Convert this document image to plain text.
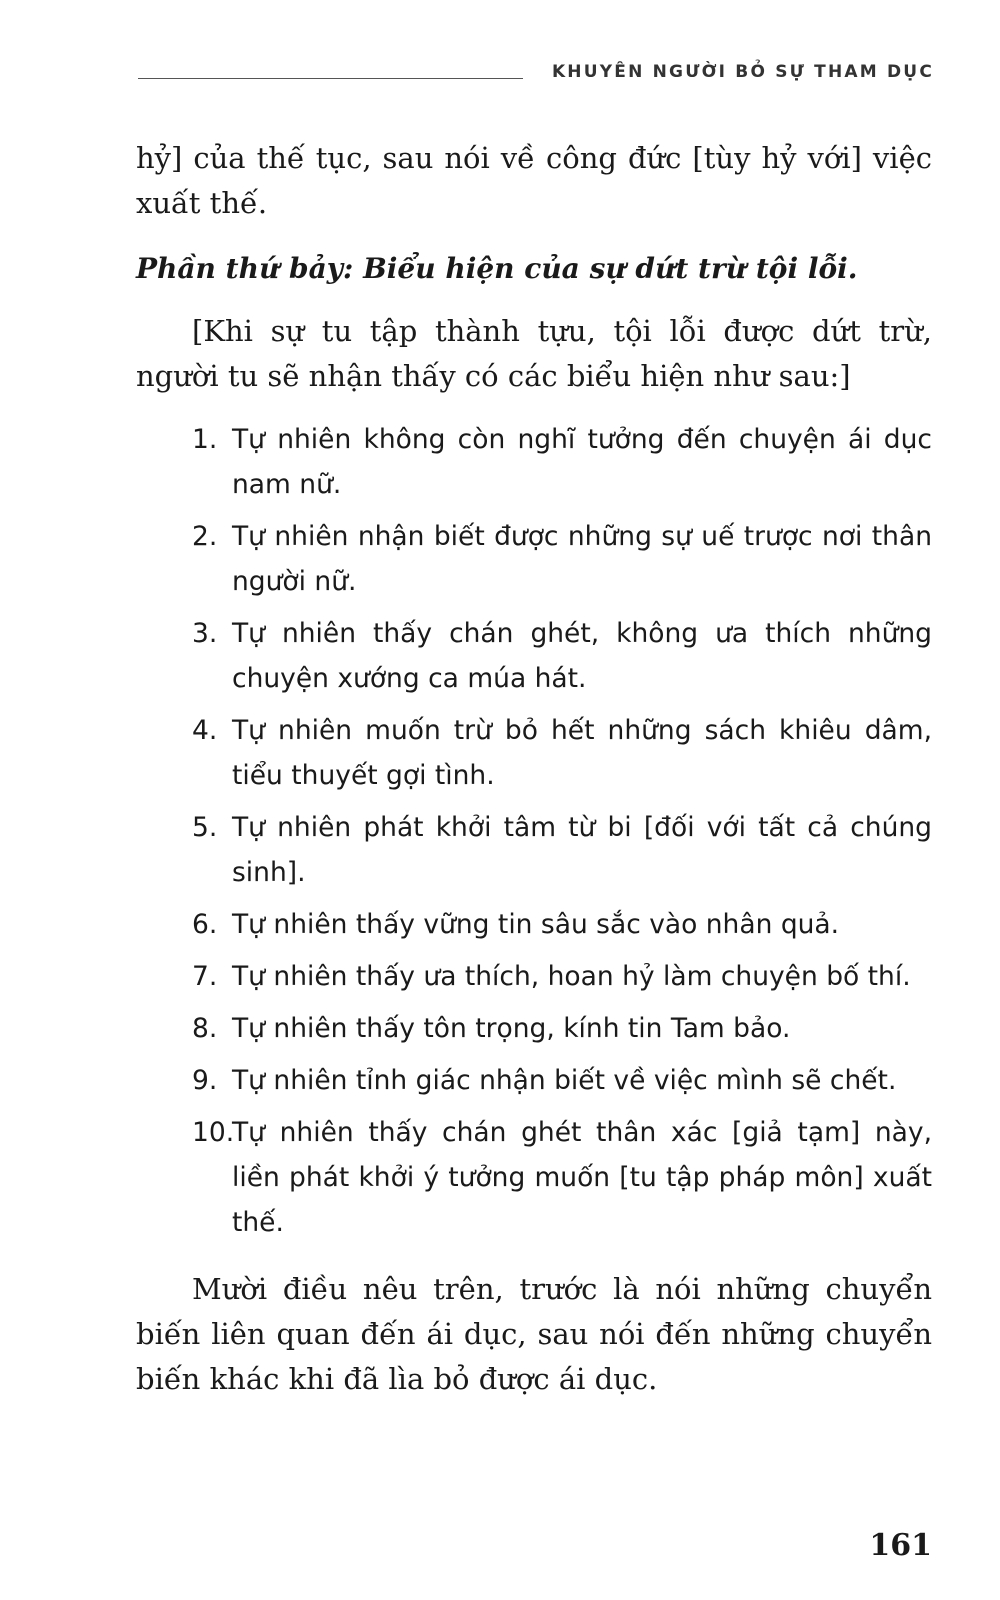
KHUYÊN NGƯỜI BỎ SỰ THAM DỤC

hỷ] của thế tục, sau nói về công đức [tùy hỷ với] việc xuất thế.

Phần thứ bảy: Biểu hiện của sự dứt trừ tội lỗi.

[Khi sự tu tập thành tựu, tội lỗi được dứt trừ, người tu sẽ nhận thấy có các biểu hiện như sau:]

1. Tự nhiên không còn nghĩ tưởng đến chuyện ái dục nam nữ.
2. Tự nhiên nhận biết được những sự uế trược nơi thân người nữ.
3. Tự nhiên thấy chán ghét, không ưa thích những chuyện xướng ca múa hát.
4. Tự nhiên muốn trừ bỏ hết những sách khiêu dâm, tiểu thuyết gợi tình.
5. Tự nhiên phát khởi tâm từ bi [đối với tất cả chúng sinh].
6. Tự nhiên thấy vững tin sâu sắc vào nhân quả.
7. Tự nhiên thấy ưa thích, hoan hỷ làm chuyện bố thí.
8. Tự nhiên thấy tôn trọng, kính tin Tam bảo.
9. Tự nhiên tỉnh giác nhận biết về việc mình sẽ chết.
10.
Tự nhiên thấy chán ghét thân xác [giả tạm] này, liền phát khởi ý tưởng muốn [tu tập pháp môn] xuất thế.

Mười điều nêu trên, trước là nói những chuyển biến liên quan đến ái dục, sau nói đến những chuyển biến khác khi đã lìa bỏ được ái dục.

161
